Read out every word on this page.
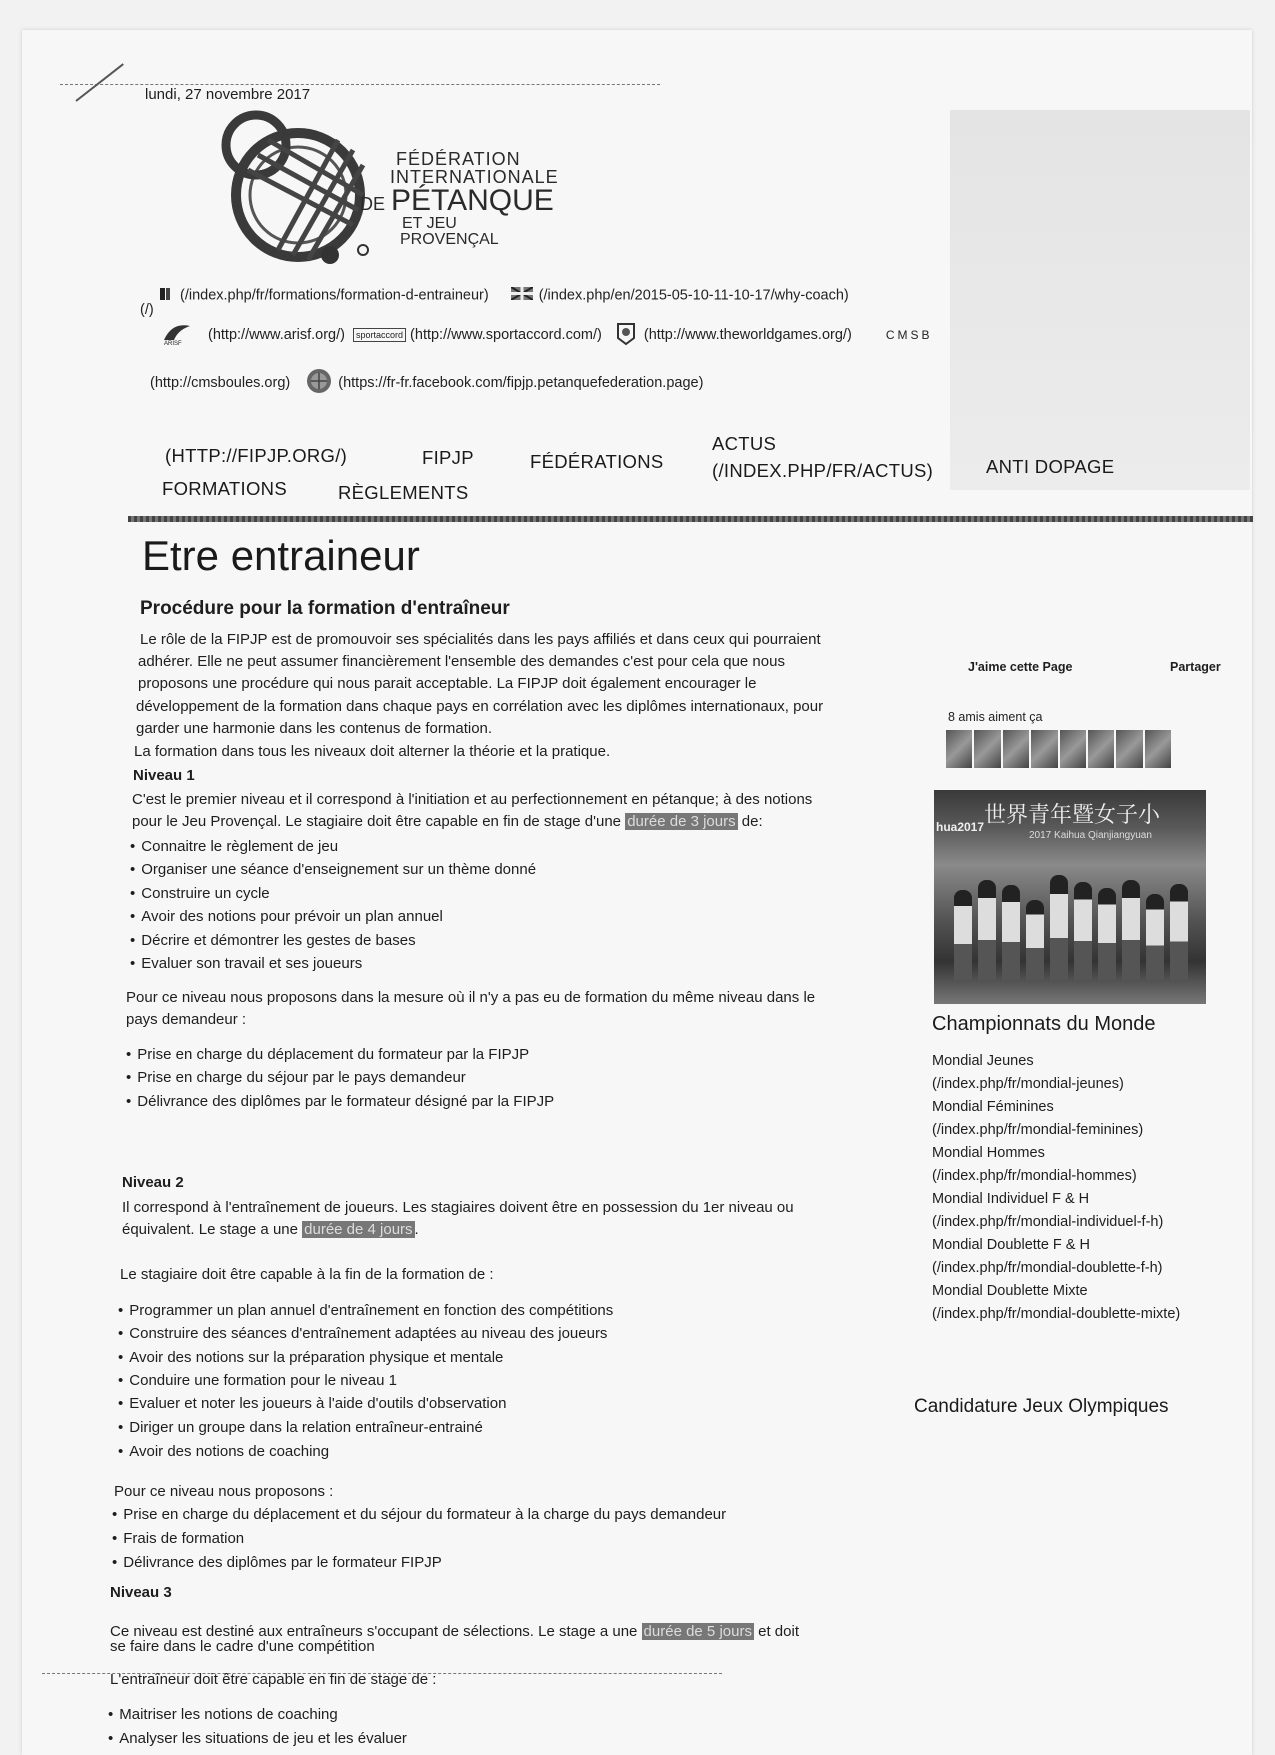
lundi, 27 novembre 2017
FÉDÉRATION
INTERNATIONALE
DE PÉTANQUE
ET JEU
PROVENÇAL
(/index.php/fr/formations/formation-d-entraineur)	(/index.php/en/2015-05-10-11-10-17/why-coach)
(/)
ARISF
(http://www.arisf.org/) sportaccord (http://www.sportaccord.com/)	(http://www.theworldgames.org/)	CMSB
(http://cmsboules.org)	(https://fr-fr.facebook.com/fipjp.petanquefederation.page)
(HTTP://FIPJP.ORG/)	FIPJP	FÉDÉRATIONS
ACTUS
(/INDEX.PHP/FR/ACTUS)	ANTI DOPAGE
FORMATIONS	RÈGLEMENTS
Etre entraineur
Procédure pour la formation d'entraîneur
Le rôle de la FIPJP est de promouvoir ses spécialités dans les pays affiliés et dans ceux qui pourraient
adhérer. Elle ne peut assumer financièrement l'ensemble des demandes c'est pour cela que nous
proposons une procédure qui nous parait acceptable. La FIPJP doit également encourager le
développement de la formation dans chaque pays en corrélation avec les diplômes internationaux, pour
garder une harmonie dans les contenus de formation.
La formation dans tous les niveaux doit alterner la théorie et la pratique.
Niveau 1
C'est le premier niveau et il correspond à l'initiation et au perfectionnement en pétanque; à des notions
pour le Jeu Provençal. Le stagiaire doit être capable en fin de stage d'une durée de 3 jours de:
• Connaitre le règlement de jeu
• Organiser une séance d'enseignement sur un thème donné
• Construire un cycle
• Avoir des notions pour prévoir un plan annuel
• Décrire et démontrer les gestes de bases
• Evaluer son travail et ses joueurs
Pour ce niveau nous proposons dans la mesure où il n'y a pas eu de formation du même niveau dans le
pays demandeur :
• Prise en charge du déplacement du formateur par la FIPJP
• Prise en charge du séjour par le pays demandeur
• Délivrance des diplômes par le formateur désigné par la FIPJP
Niveau 2
Il correspond à l'entraînement de joueurs. Les stagiaires doivent être en possession du 1er niveau ou
équivalent. Le stage a une durée de 4 jours .
Le stagiaire doit être capable à la fin de la formation de :
• Programmer un plan annuel d'entraînement en fonction des compétitions
• Construire des séances d'entraînement adaptées au niveau des joueurs
• Avoir des notions sur la préparation physique et mentale
• Conduire une formation pour le niveau 1
• Evaluer et noter les joueurs à l'aide d'outils d'observation
• Diriger un groupe dans la relation entraîneur-entrainé
• Avoir des notions de coaching
Pour ce niveau nous proposons :
• Prise en charge du déplacement et du séjour du formateur à la charge du pays demandeur
• Frais de formation
• Délivrance des diplômes par le formateur FIPJP
Niveau 3
Ce niveau est destiné aux entraîneurs s'occupant de sélections. Le stage a une durée de 5 jours et doit
se faire dans le cadre d'une compétition
L'entraîneur doit être capable en fin de stage de :
• Maitriser les notions de coaching
• Analyser les situations de jeu et les évaluer
J'aime cette Page	Partager
8 amis aiment ça
hua2017 世界青年暨女子小
2017 Kaihua Qianjiangyuan
Championnats du Monde
Mondial Jeunes
(/index.php/fr/mondial-jeunes)
Mondial Féminines
(/index.php/fr/mondial-feminines)
Mondial Hommes
(/index.php/fr/mondial-hommes)
Mondial Individuel F & H
(/index.php/fr/mondial-individuel-f-h)
Mondial Doublette F & H
(/index.php/fr/mondial-doublette-f-h)
Mondial Doublette Mixte
(/index.php/fr/mondial-doublette-mixte)
Candidature Jeux Olympiques
